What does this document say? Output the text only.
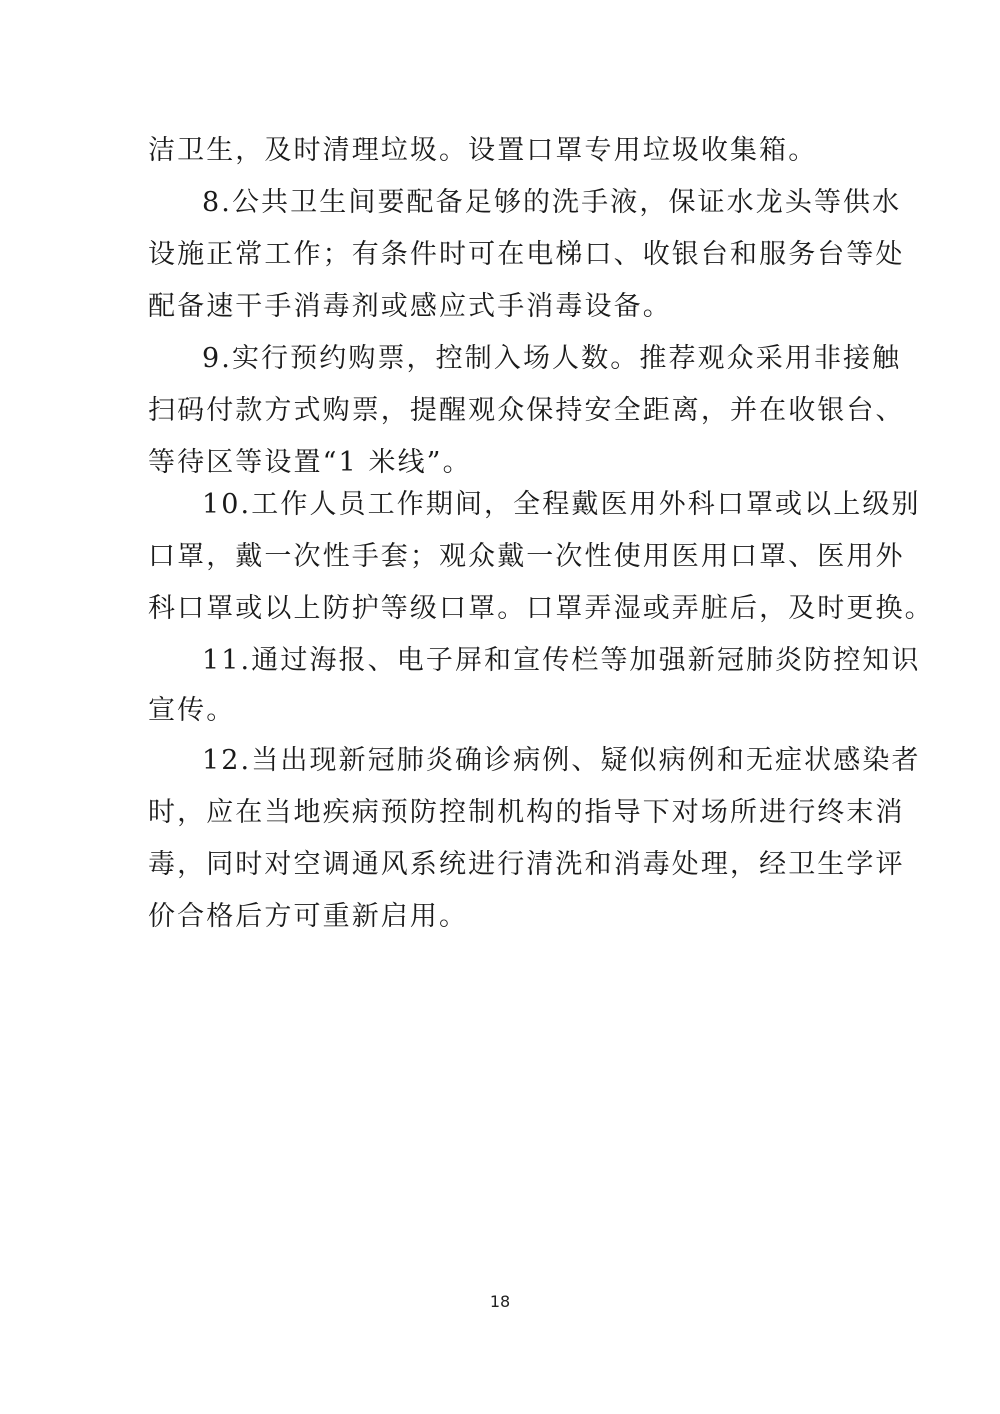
洁卫生，及时清理垃圾。设置口罩专用垃圾收集箱。
8.公共卫生间要配备足够的洗手液，保证水龙头等供水
设施正常工作；有条件时可在电梯口、收银台和服务台等处
配备速干手消毒剂或感应式手消毒设备。
9.实行预约购票，控制入场人数。推荐观众采用非接触
扫码付款方式购票，提醒观众保持安全距离，并在收银台、
等待区等设置“1 米线”。
10.工作人员工作期间，全程戴医用外科口罩或以上级别
口罩，戴一次性手套；观众戴一次性使用医用口罩、医用外
科口罩或以上防护等级口罩。口罩弄湿或弄脏后，及时更换。
11.通过海报、电子屏和宣传栏等加强新冠肺炎防控知识
宣传。
12.当出现新冠肺炎确诊病例、疑似病例和无症状感染者
时，应在当地疾病预防控制机构的指导下对场所进行终末消
毒，同时对空调通风系统进行清洗和消毒处理，经卫生学评
价合格后方可重新启用。
18
